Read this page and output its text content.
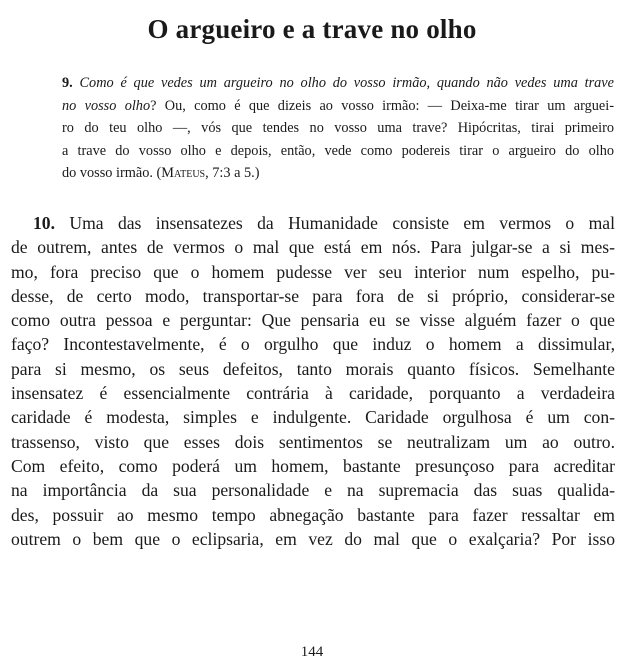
O argueiro e a trave no olho
9. Como é que vedes um argueiro no olho do vosso irmão, quando não vedes uma trave
no vosso olho? Ou, como é que dizeis ao vosso irmão: — Deixa-me tirar um arguei-
ro do teu olho —, vós que tendes no vosso uma trave? Hipócritas, tirai primeiro
a trave do vosso olho e depois, então, vede como podereis tirar o argueiro do olho
do vosso irmão. (Mateus, 7:3 a 5.)
10. Uma das insensatezes da Humanidade consiste em vermos o mal
de outrem, antes de vermos o mal que está em nós. Para julgar-se a si mes-
mo, fora preciso que o homem pudesse ver seu interior num espelho, pu-
desse, de certo modo, transportar-se para fora de si próprio, considerar-se
como outra pessoa e perguntar: Que pensaria eu se visse alguém fazer o que
faço? Incontestavelmente, é o orgulho que induz o homem a dissimular,
para si mesmo, os seus defeitos, tanto morais quanto físicos. Semelhante
insensatez é essencialmente contrária à caridade, porquanto a verdadeira
caridade é modesta, simples e indulgente. Caridade orgulhosa é um con-
trassenso, visto que esses dois sentimentos se neutralizam um ao outro.
Com efeito, como poderá um homem, bastante presunçoso para acreditar
na importância da sua personalidade e na supremacia das suas qualida-
des, possuir ao mesmo tempo abnegação bastante para fazer ressaltar em
outrem o bem que o eclipsaria, em vez do mal que o exalçaria? Por isso
144
